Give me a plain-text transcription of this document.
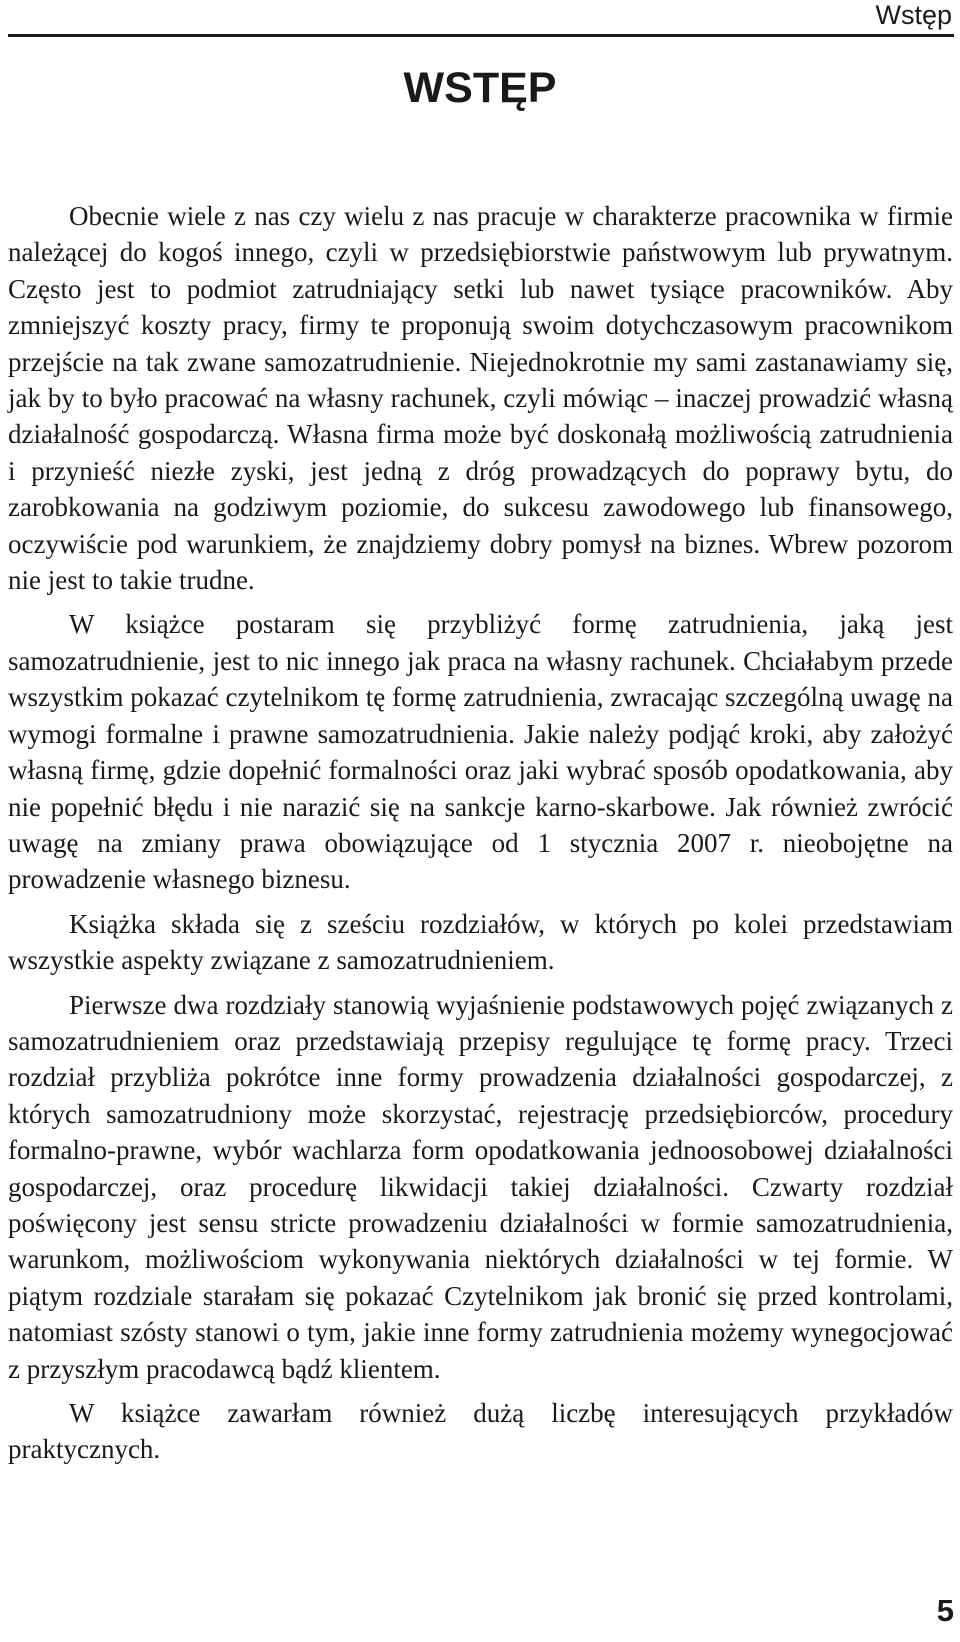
Wstęp
WSTĘP

Obecnie wiele z nas czy wielu z nas pracuje w charakterze pracownika w firmie należącej do kogoś innego, czyli w przedsiębiorstwie państwowym lub prywatnym. Często jest to podmiot zatrudniający setki lub nawet tysiące pracowników. Aby zmniejszyć koszty pracy, firmy te proponują swoim dotychczasowym pracownikom przejście na tak zwane samozatrudnienie. Niejednokrotnie my sami zastanawiamy się, jak by to było pracować na własny rachunek, czyli mówiąc – inaczej prowadzić własną działalność gospodarczą. Własna firma może być doskonałą możliwością zatrudnienia i przynieść niezłe zyski, jest jedną z dróg prowadzących do poprawy bytu, do zarobkowania na godziwym poziomie, do sukcesu zawodowego lub finansowego, oczywiście pod warunkiem, że znajdziemy dobry pomysł na biznes. Wbrew pozorom nie jest to takie trudne.

W książce postaram się przybliżyć formę zatrudnienia, jaką jest samozatrudnienie, jest to nic innego jak praca na własny rachunek. Chciałabym przede wszystkim pokazać czytelnikom tę formę zatrudnienia, zwracając szczególną uwagę na wymogi formalne i prawne samozatrudnienia. Jakie należy podjąć kroki, aby założyć własną firmę, gdzie dopełnić formalności oraz jaki wybrać sposób opodatkowania, aby nie popełnić błędu i nie narazić się na sankcje karno-skarbowe. Jak również zwrócić uwagę na zmiany prawa obowiązujące od 1 stycznia 2007 r. nieobojętne na prowadzenie własnego biznesu.

Książka składa się z sześciu rozdziałów, w których po kolei przedstawiam wszystkie aspekty związane z samozatrudnieniem.

Pierwsze dwa rozdziały stanowią wyjaśnienie podstawowych pojęć związanych z samozatrudnieniem oraz przedstawiają przepisy regulujące tę formę pracy. Trzeci rozdział przybliża pokrótce inne formy prowadzenia działalności gospodarczej, z których samozatrudniony może skorzystać, rejestrację przedsiębiorców, procedury formalno-prawne, wybór wachlarza form opodatkowania jednoosobowej działalności gospodarczej, oraz procedurę likwidacji takiej działalności. Czwarty rozdział poświęcony jest sensu stricte prowadzeniu działalności w formie samozatrudnienia, warunkom, możliwościom wykonywania niektórych działalności w tej formie. W piątym rozdziale starałam się pokazać Czytelnikom jak bronić się przed kontrolami, natomiast szósty stanowi o tym, jakie inne formy zatrudnienia możemy wynegocjować z przyszłym pracodawcą bądź klientem.

W książce zawarłam również dużą liczbę interesujących przykładów praktycznych.

5
